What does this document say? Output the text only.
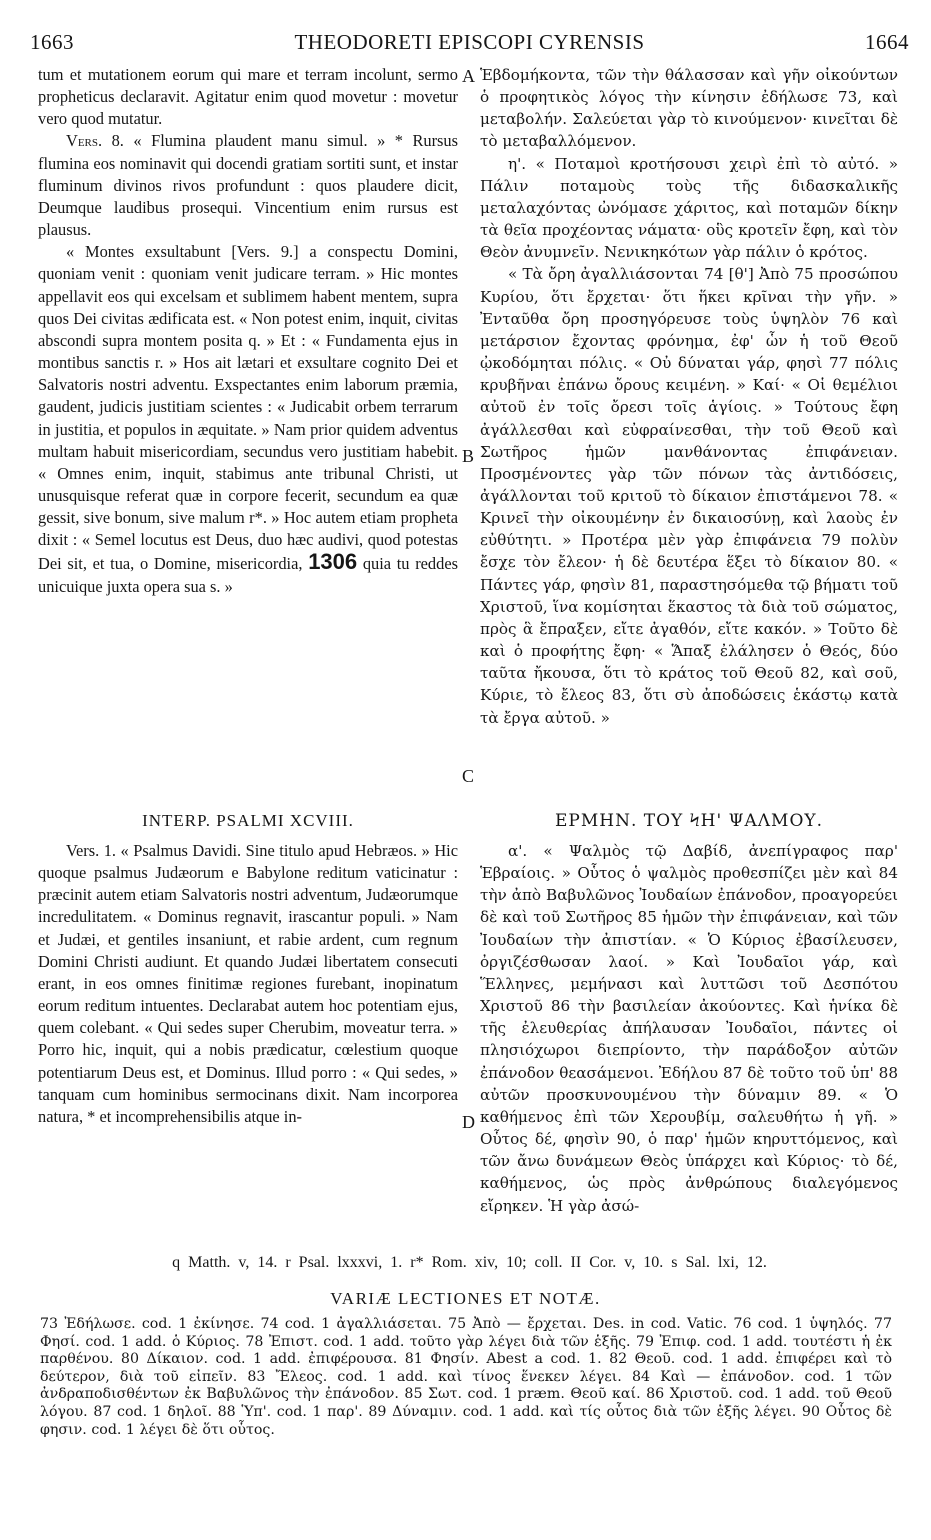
1663	THEODORETI EPISCOPI CYRENSIS	1664

tum et mutationem eorum qui mare et terram incolunt, sermo propheticus declaravit. Agitatur enim quod movetur : movetur vero quod mutatur.

Vers. 8. « Flumina plaudent manu simul. » * Rursus flumina eos nominavit qui docendi gratiam sortiti sunt, et instar fluminum divinos rivos profundunt : quos plaudere dicit, Deumque laudibus prosequi. Vincentium enim rursus est plausus.

« Montes exsultabunt [Vers. 9.] a conspectu Domini, quoniam venit : quoniam venit judicare terram. » Hic montes appellavit eos qui excelsam et sublimem habent mentem, supra quos Dei civitas ædificata est. « Non potest enim, inquit, civitas abscondi supra montem posita q. » Et : « Fundamenta ejus in montibus sanctis r. » Hos ait lætari et exsultare cognito Dei et Salvatoris nostri adventu. Exspectantes enim laborum præmia, gaudent, judicis justitiam scientes : « Judicabit orbem terrarum in justitia, et populos in æquitate. » Nam prior quidem adventus multam habuit misericordiam, secundus vero justitiam habebit. « Omnes enim, inquit, stabimus ante tribunal Christi, ut unusquisque referat quæ in corpore fecerit, secundum ea quæ gessit, sive bonum, sive malum r*. » Hoc autem etiam propheta dixit : « Semel locutus est Deus, duo hæc audivi, quod potestas Dei sit, et tua, o Domine, misericordia, 1306 quia tu reddes unicuique juxta opera sua s. »

INTERP. PSALMI XCVIII.

Vers. 1. « Psalmus Davidi. Sine titulo apud Hebræos. » Hic quoque psalmus Judæorum e Babylone reditum vaticinatur : præcinit autem etiam Salvatoris nostri adventum, Judæorumque incredulitatem. « Dominus regnavit, irascantur populi. » Nam et Judæi, et gentiles insaniunt, et rabie ardent, cum regnum Domini Christi audiunt. Et quando Judæi libertatem consecuti erant, in eos omnes finitimæ regiones furebant, inopinatum eorum reditum intuentes. Declarabat autem hoc potentiam ejus, quem colebant. « Qui sedes super Cherubim, moveatur terra. » Porro hic, inquit, qui a nobis prædicatur, cœlestium quoque potentiarum Deus est, et Dominus. Illud porro : « Qui sedes, » tanquam cum hominibus sermocinans dixit. Nam incorporea natura, * et incomprehensibilis atque in-

Ἑβδομήκοντα, τῶν τὴν θάλασσαν καὶ γῆν οἰκούντων ὁ προφητικὸς λόγος τὴν κίνησιν ἐδήλωσε 73, καὶ μεταβολήν. Σαλεύεται γὰρ τὸ κινούμενον· κινεῖται δὲ τὸ μεταβαλλόμενον.

η'. « Ποταμοὶ κροτήσουσι χειρὶ ἐπὶ τὸ αὐτό. » Πάλιν ποταμοὺς τοὺς τῆς διδασκαλικῆς μεταλαχόντας ὠνόμασε χάριτος, καὶ ποταμῶν δίκην τὰ θεῖα προχέοντας νάματα· οὓς κροτεῖν ἔφη, καὶ τὸν Θεὸν ἀνυμνεῖν. Νενικηκότων γὰρ πάλιν ὁ κρότος.

« Τὰ ὄρη ἀγαλλιάσονται 74 [θ'] Ἀπὸ 75 προσώπου Κυρίου, ὅτι ἔρχεται· ὅτι ἥκει κρῖναι τὴν γῆν. » Ἐνταῦθα ὄρη προσηγόρευσε τοὺς ὑψηλὸν 76 καὶ μετάρσιον ἔχοντας φρόνημα, ἐφ' ὧν ἡ τοῦ Θεοῦ ᾠκοδόμηται πόλις. « Οὐ δύναται γάρ, φησὶ 77 πόλις κρυβῆναι ἐπάνω ὄρους κειμένη. » Καί· « Οἱ θεμέλιοι αὐτοῦ ἐν τοῖς ὄρεσι τοῖς ἁγίοις. » Τούτους ἔφη ἀγάλλεσθαι καὶ εὐφραίνεσθαι, τὴν τοῦ Θεοῦ καὶ Σωτῆρος ἡμῶν μανθάνοντας ἐπιφάνειαν. Προσμένοντες γὰρ τῶν πόνων τὰς ἀντιδόσεις, ἀγάλλονται τοῦ κριτοῦ τὸ δίκαιον ἐπιστάμενοι 78. « Κρινεῖ τὴν οἰκουμένην ἐν δικαιοσύνῃ, καὶ λαοὺς ἐν εὐθύτητι. » Προτέρα μὲν γὰρ ἐπιφάνεια 79 πολὺν ἔσχε τὸν ἔλεον· ἡ δὲ δευτέρα ἕξει τὸ δίκαιον 80. « Πάντες γάρ, φησὶν 81, παραστησόμεθα τῷ βήματι τοῦ Χριστοῦ, ἵνα κομίσηται ἕκαστος τὰ διὰ τοῦ σώματος, πρὸς ἃ ἔπραξεν, εἴτε ἀγαθόν, εἴτε κακόν. » Τοῦτο δὲ καὶ ὁ προφήτης ἔφη· « Ἅπαξ ἐλάλησεν ὁ Θεός, δύο ταῦτα ἤκουσα, ὅτι τὸ κράτος τοῦ Θεοῦ 82, καὶ σοῦ, Κύριε, τὸ ἔλεος 83, ὅτι σὺ ἀποδώσεις ἑκάστῳ κατὰ τὰ ἔργα αὐτοῦ. »

ΕΡΜΗΝ. ΤΟΥ ϞΗ' ΨΑΛΜΟΥ.

α'. « Ψαλμὸς τῷ Δαβίδ, ἀνεπίγραφος παρ' Ἑβραίοις. » Οὗτος ὁ ψαλμὸς προθεσπίζει μὲν καὶ 84 τὴν ἀπὸ Βαβυλῶνος Ἰουδαίων ἐπάνοδον, προαγορεύει δὲ καὶ τοῦ Σωτῆρος 85 ἡμῶν τὴν ἐπιφάνειαν, καὶ τῶν Ἰουδαίων τὴν ἀπιστίαν. « Ὁ Κύριος ἐβασίλευσεν, ὀργιζέσθωσαν λαοί. » Καὶ Ἰουδαῖοι γάρ, καὶ Ἕλληνες, μεμήνασι καὶ λυττῶσι τοῦ Δεσπότου Χριστοῦ 86 τὴν βασιλείαν ἀκούοντες. Καὶ ἡνίκα δὲ τῆς ἐλευθερίας ἀπήλαυσαν Ἰουδαῖοι, πάντες οἱ πλησιόχωροι διεπρίοντο, τὴν παράδοξον αὐτῶν ἐπάνοδον θεασάμενοι. Ἐδήλου 87 δὲ τοῦτο τοῦ ὑπ' 88 αὐτῶν προσκυνουμένου τὴν δύναμιν 89. « Ὁ καθήμενος ἐπὶ τῶν Χερουβίμ, σαλευθήτω ἡ γῆ. » Οὗτος δέ, φησὶν 90, ὁ παρ' ἡμῶν κηρυττόμενος, καὶ τῶν ἄνω δυνάμεων Θεὸς ὑπάρχει καὶ Κύριος· τὸ δέ, καθήμενος, ὡς πρὸς ἀνθρώπους διαλεγόμενος εἴρηκεν. Ἡ γὰρ ἀσώ-

A
B
C
D
q Matth. v, 14. r Psal. lxxxvi, 1. r* Rom. xiv, 10; coll. II Cor. v, 10. s Sal. lxi, 12.
VARIÆ LECTIONES ET NOTÆ.
73 Ἐδήλωσε. cod. 1 ἐκίνησε. 74 cod. 1 ἀγαλλιάσεται. 75 Ἀπὸ — ἔρχεται. Des. in cod. Vatic. 76 cod. 1 ὑψηλός. 77 Φησί. cod. 1 add. ὁ Κύριος. 78 Ἐπιστ. cod. 1 add. τοῦτο γὰρ λέγει διὰ τῶν ἑξῆς. 79 Ἐπιφ. cod. 1 add. τουτέστι ἡ ἐκ παρθένου. 80 Δίκαιον. cod. 1 add. ἐπιφέρουσα. 81 Φησίν. Abest a cod. 1. 82 Θεοῦ. cod. 1 add. ἐπιφέρει καὶ τὸ δεύτερον, διὰ τοῦ εἰπεῖν. 83 Ἔλεος. cod. 1 add. καὶ τίνος ἕνεκεν λέγει. 84 Καὶ — ἐπάνοδον. cod. 1 τῶν ἀνδραποδισθέντων ἐκ Βαβυλῶνος τὴν ἐπάνοδον. 85 Σωτ. cod. 1 præm. Θεοῦ καί. 86 Χριστοῦ. cod. 1 add. τοῦ Θεοῦ λόγου. 87 cod. 1 δηλοῖ. 88 Ὑπ'. cod. 1 παρ'. 89 Δύναμιν. cod. 1 add. καὶ τίς οὗτος διὰ τῶν ἑξῆς λέγει. 90 Οὗτος δὲ φησιν. cod. 1 λέγει δὲ ὅτι οὗτος.
